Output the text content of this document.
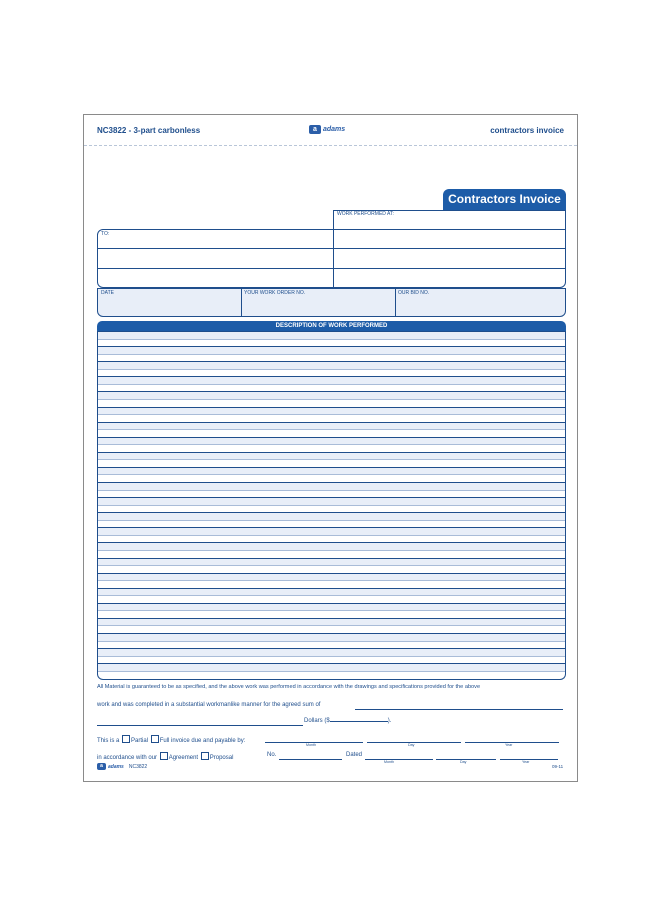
NC3822 - 3-part carbonless	a adams	contractors invoice
Contractors Invoice
WORK PERFORMED AT:
TO:
DATE	YOUR WORK ORDER NO.	OUR BID NO.
DESCRIPTION OF WORK PERFORMED
All Material is guaranteed to be as specified, and the above work was performed in accordance with the drawings and specifications provided for the above
work and was completed in a substantial workmanlike manner for the agreed sum of
Dollars ($	).
This is a Partial Full invoice due and payable by:
Month	Day	Year
in accordance with our Agreement Proposal	No.	Dated
Month	Day	Year
a	adams NC3822	09-11
